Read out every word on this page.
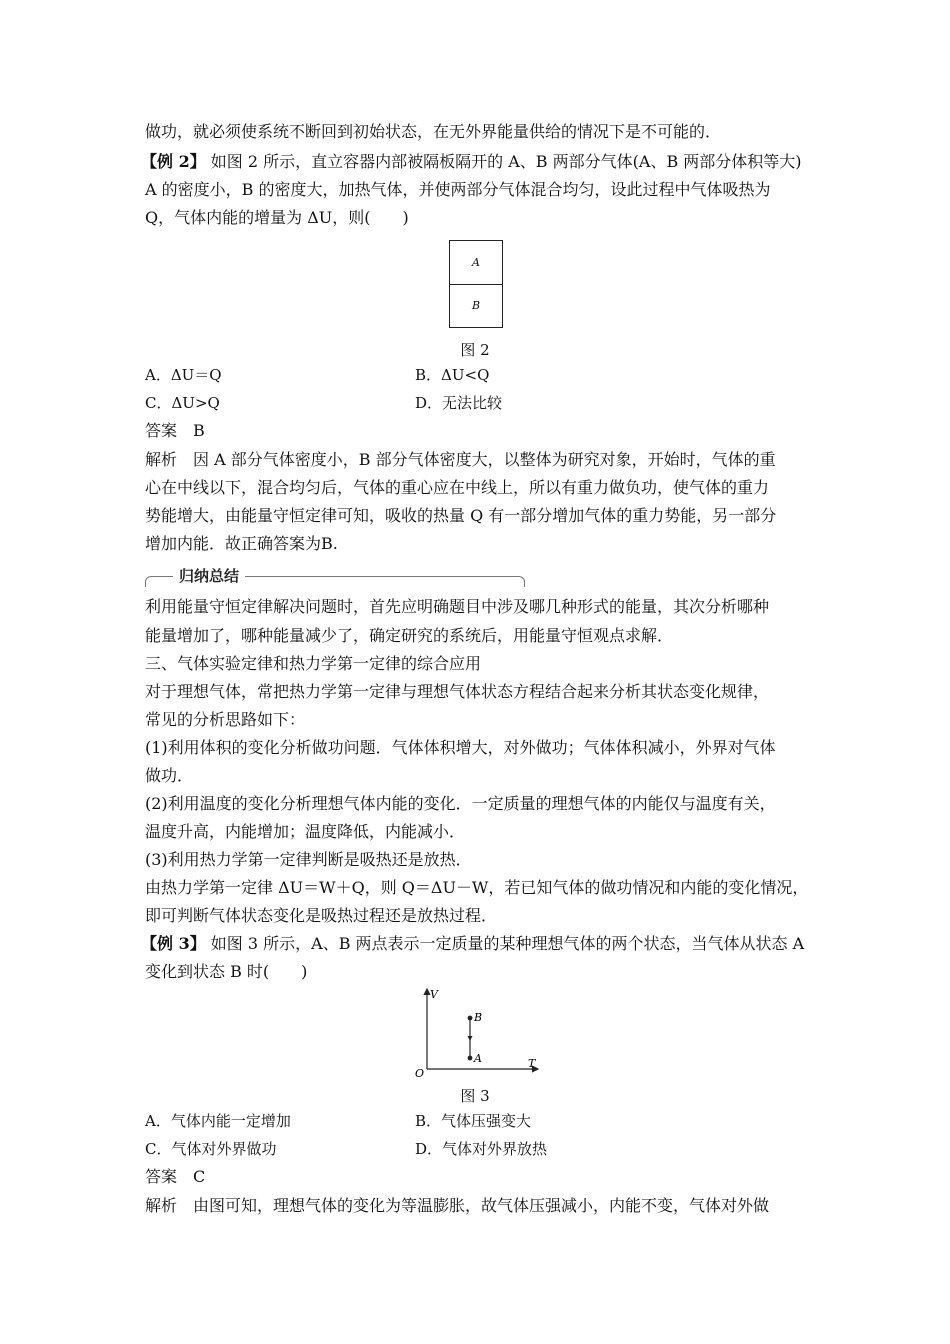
做功，就必须使系统不断回到初始状态，在无外界能量供给的情况下是不可能的．
【例 2】 如图 2 所示，直立容器内部被隔板隔开的 A、B 两部分气体(A、B 两部分体积等大)
A 的密度小，B 的密度大，加热气体，并使两部分气体混合均匀，设此过程中气体吸热为
Q，气体内能的增量为 ΔU，则(　　)
A
B
图 2
A．ΔU＝Q	B．ΔU<Q
C．ΔU>Q	D．无法比较
答案　B
解析　因 A 部分气体密度小，B 部分气体密度大，以整体为研究对象，开始时，气体的重
心在中线以下，混合均匀后，气体的重心应在中线上，所以有重力做负功，使气体的重力
势能增大，由能量守恒定律可知，吸收的热量 Q 有一部分增加气体的重力势能，另一部分
增加内能．故正确答案为B.
归纳总结
利用能量守恒定律解决问题时，首先应明确题目中涉及哪几种形式的能量，其次分析哪种
能量增加了，哪种能量减少了，确定研究的系统后，用能量守恒观点求解．
三、气体实验定律和热力学第一定律的综合应用
对于理想气体，常把热力学第一定律与理想气体状态方程结合起来分析其状态变化规律，
常见的分析思路如下：
(1)利用体积的变化分析做功问题．气体体积增大，对外做功；气体体积减小，外界对气体
做功．
(2)利用温度的变化分析理想气体内能的变化．一定质量的理想气体的内能仅与温度有关，
温度升高，内能增加；温度降低，内能减小．
(3)利用热力学第一定律判断是吸热还是放热．
由热力学第一定律 ΔU＝W＋Q，则 Q＝ΔU－W，若已知气体的做功情况和内能的变化情况，
即可判断气体状态变化是吸热过程还是放热过程．
【例 3】 如图 3 所示，A、B 两点表示一定质量的某种理想气体的两个状态，当气体从状态 A
变化到状态 B 时(　　)
V
T
O
B
A
图 3
A．气体内能一定增加	B．气体压强变大
C．气体对外界做功	D．气体对外界放热
答案　C
解析　由图可知，理想气体的变化为等温膨胀，故气体压强减小，内能不变，气体对外做
